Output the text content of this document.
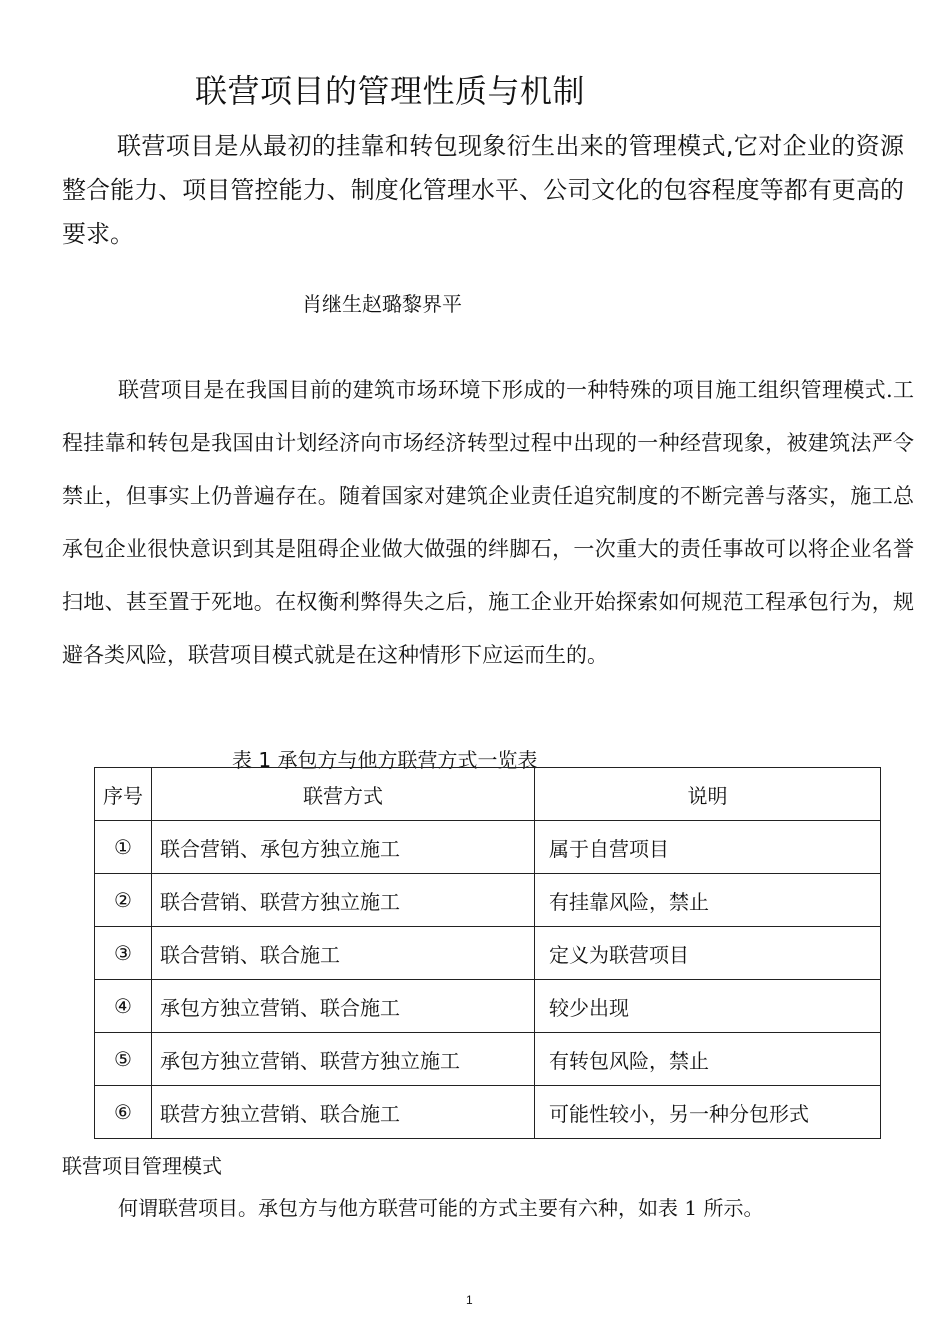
联营项目的管理性质与机制
联营项目是从最初的挂靠和转包现象衍生出来的管理模式,它对企业的资源整合能力、项目管控能力、制度化管理水平、公司文化的包容程度等都有更高的要求。
肖继生赵璐黎界平
联营项目是在我国目前的建筑市场环境下形成的一种特殊的项目施工组织管理模式.工程挂靠和转包是我国由计划经济向市场经济转型过程中出现的一种经营现象，被建筑法严令禁止，但事实上仍普遍存在。随着国家对建筑企业责任追究制度的不断完善与落实，施工总承包企业很快意识到其是阻碍企业做大做强的绊脚石，一次重大的责任事故可以将企业名誉扫地、甚至置于死地。在权衡利弊得失之后，施工企业开始探索如何规范工程承包行为，规避各类风险，联营项目模式就是在这种情形下应运而生的。
表 1 承包方与他方联营方式一览表
序号	联营方式	说明
①	联合营销、承包方独立施工	属于自营项目
②	联合营销、联营方独立施工	有挂靠风险，禁止
③	联合营销、联合施工	定义为联营项目
④	承包方独立营销、联合施工	较少出现
⑤	承包方独立营销、联营方独立施工	有转包风险，禁止
⑥	联营方独立营销、联合施工	可能性较小，另一种分包形式
联营项目管理模式
何谓联营项目。承包方与他方联营可能的方式主要有六种，如表 1 所示。
1
